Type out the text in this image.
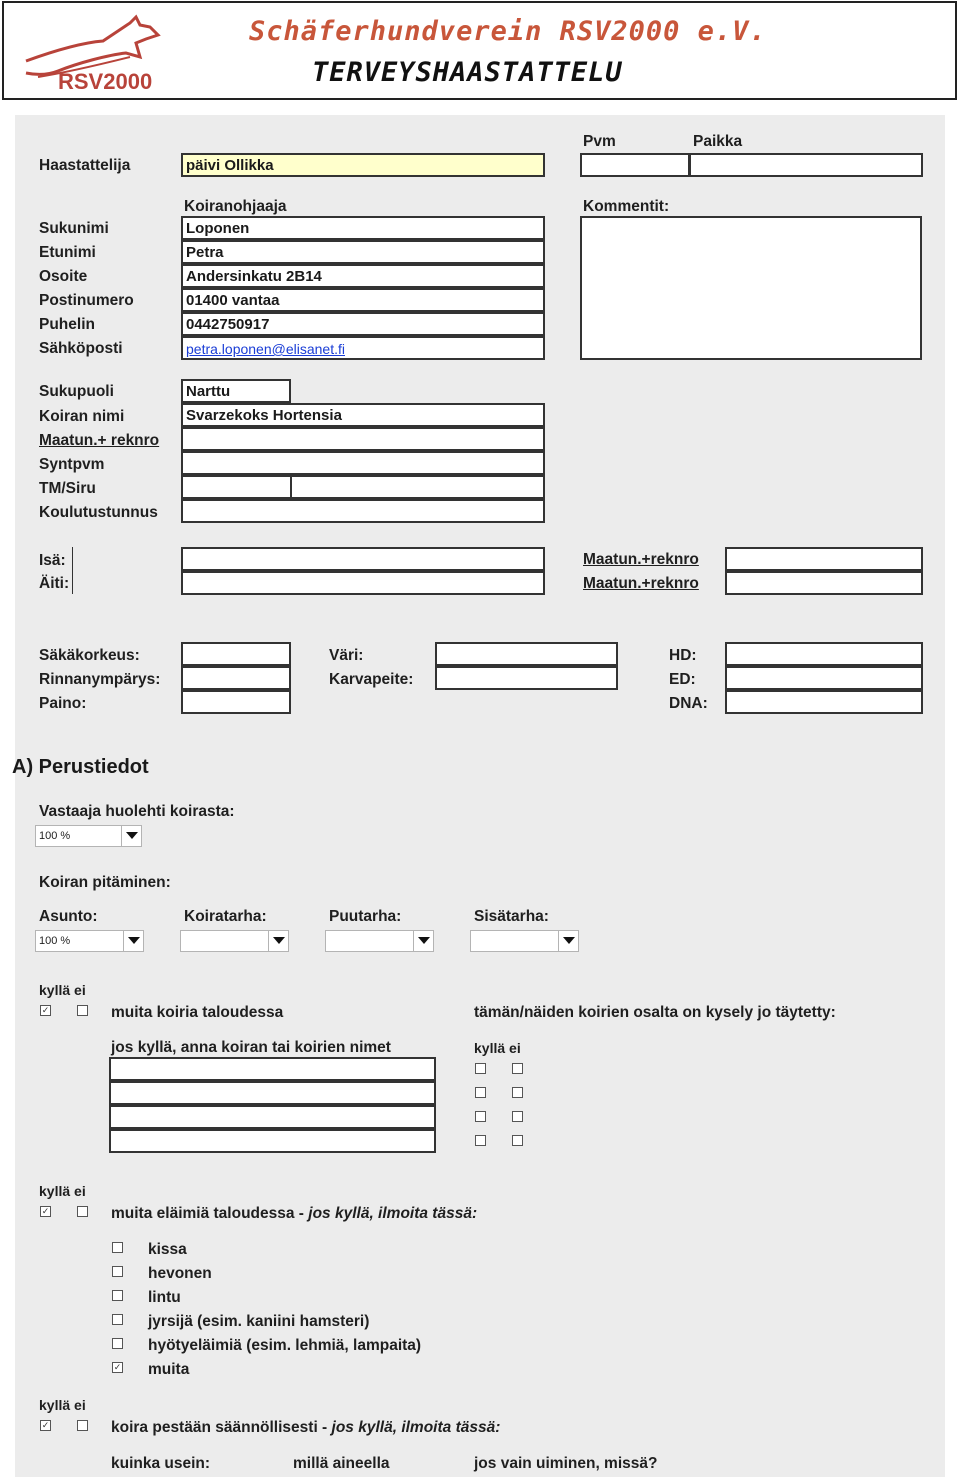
RSV2000
Schäferhundverein RSV2000 e.V.
TERVEYSHAASTATTELU
Pvm	Paikka
Haastattelija	päivi Ollikka
Koiranohjaaja	Kommentit:
Sukunimi	Loponen
Etunimi	Petra
Osoite	Andersinkatu 2B14
Postinumero	01400 vantaa
Puhelin	0442750917
Sähköposti	petra.loponen@elisanet.fi
Sukupuoli	Narttu
Koiran nimi	Svarzekoks Hortensia
Maatun.+ reknro
Syntpvm
TM/Siru
Koulutustunnus
Isä:	Maatun.+reknro
Äiti:	Maatun.+reknro
Säkäkorkeus:	Väri:	HD:
Rinnanympärys:	Karvapeite:	ED:
Paino:	DNA:
A) Perustiedot
Vastaaja huolehti koirasta:
100 %
Koiran pitäminen:
Asunto:	Koiratarha:	Puutarha:	Sisätarha:
100 %
kyllä ei
✓	muita koiria taloudessa	tämän/näiden koirien osalta on kysely jo täytetty:
jos kyllä, anna koiran tai koirien nimet	kyllä ei
kyllä ei
✓	muita eläimiä taloudessa - jos kyllä, ilmoita tässä:
kissa
hevonen
lintu
jyrsijä (esim. kaniini hamsteri)
hyötyeläimiä (esim. lehmiä, lampaita)
✓ muita
kyllä ei
✓	koira pestään säännöllisesti - jos kyllä, ilmoita tässä:
kuinka usein:	millä aineella	jos vain uiminen, missä?
